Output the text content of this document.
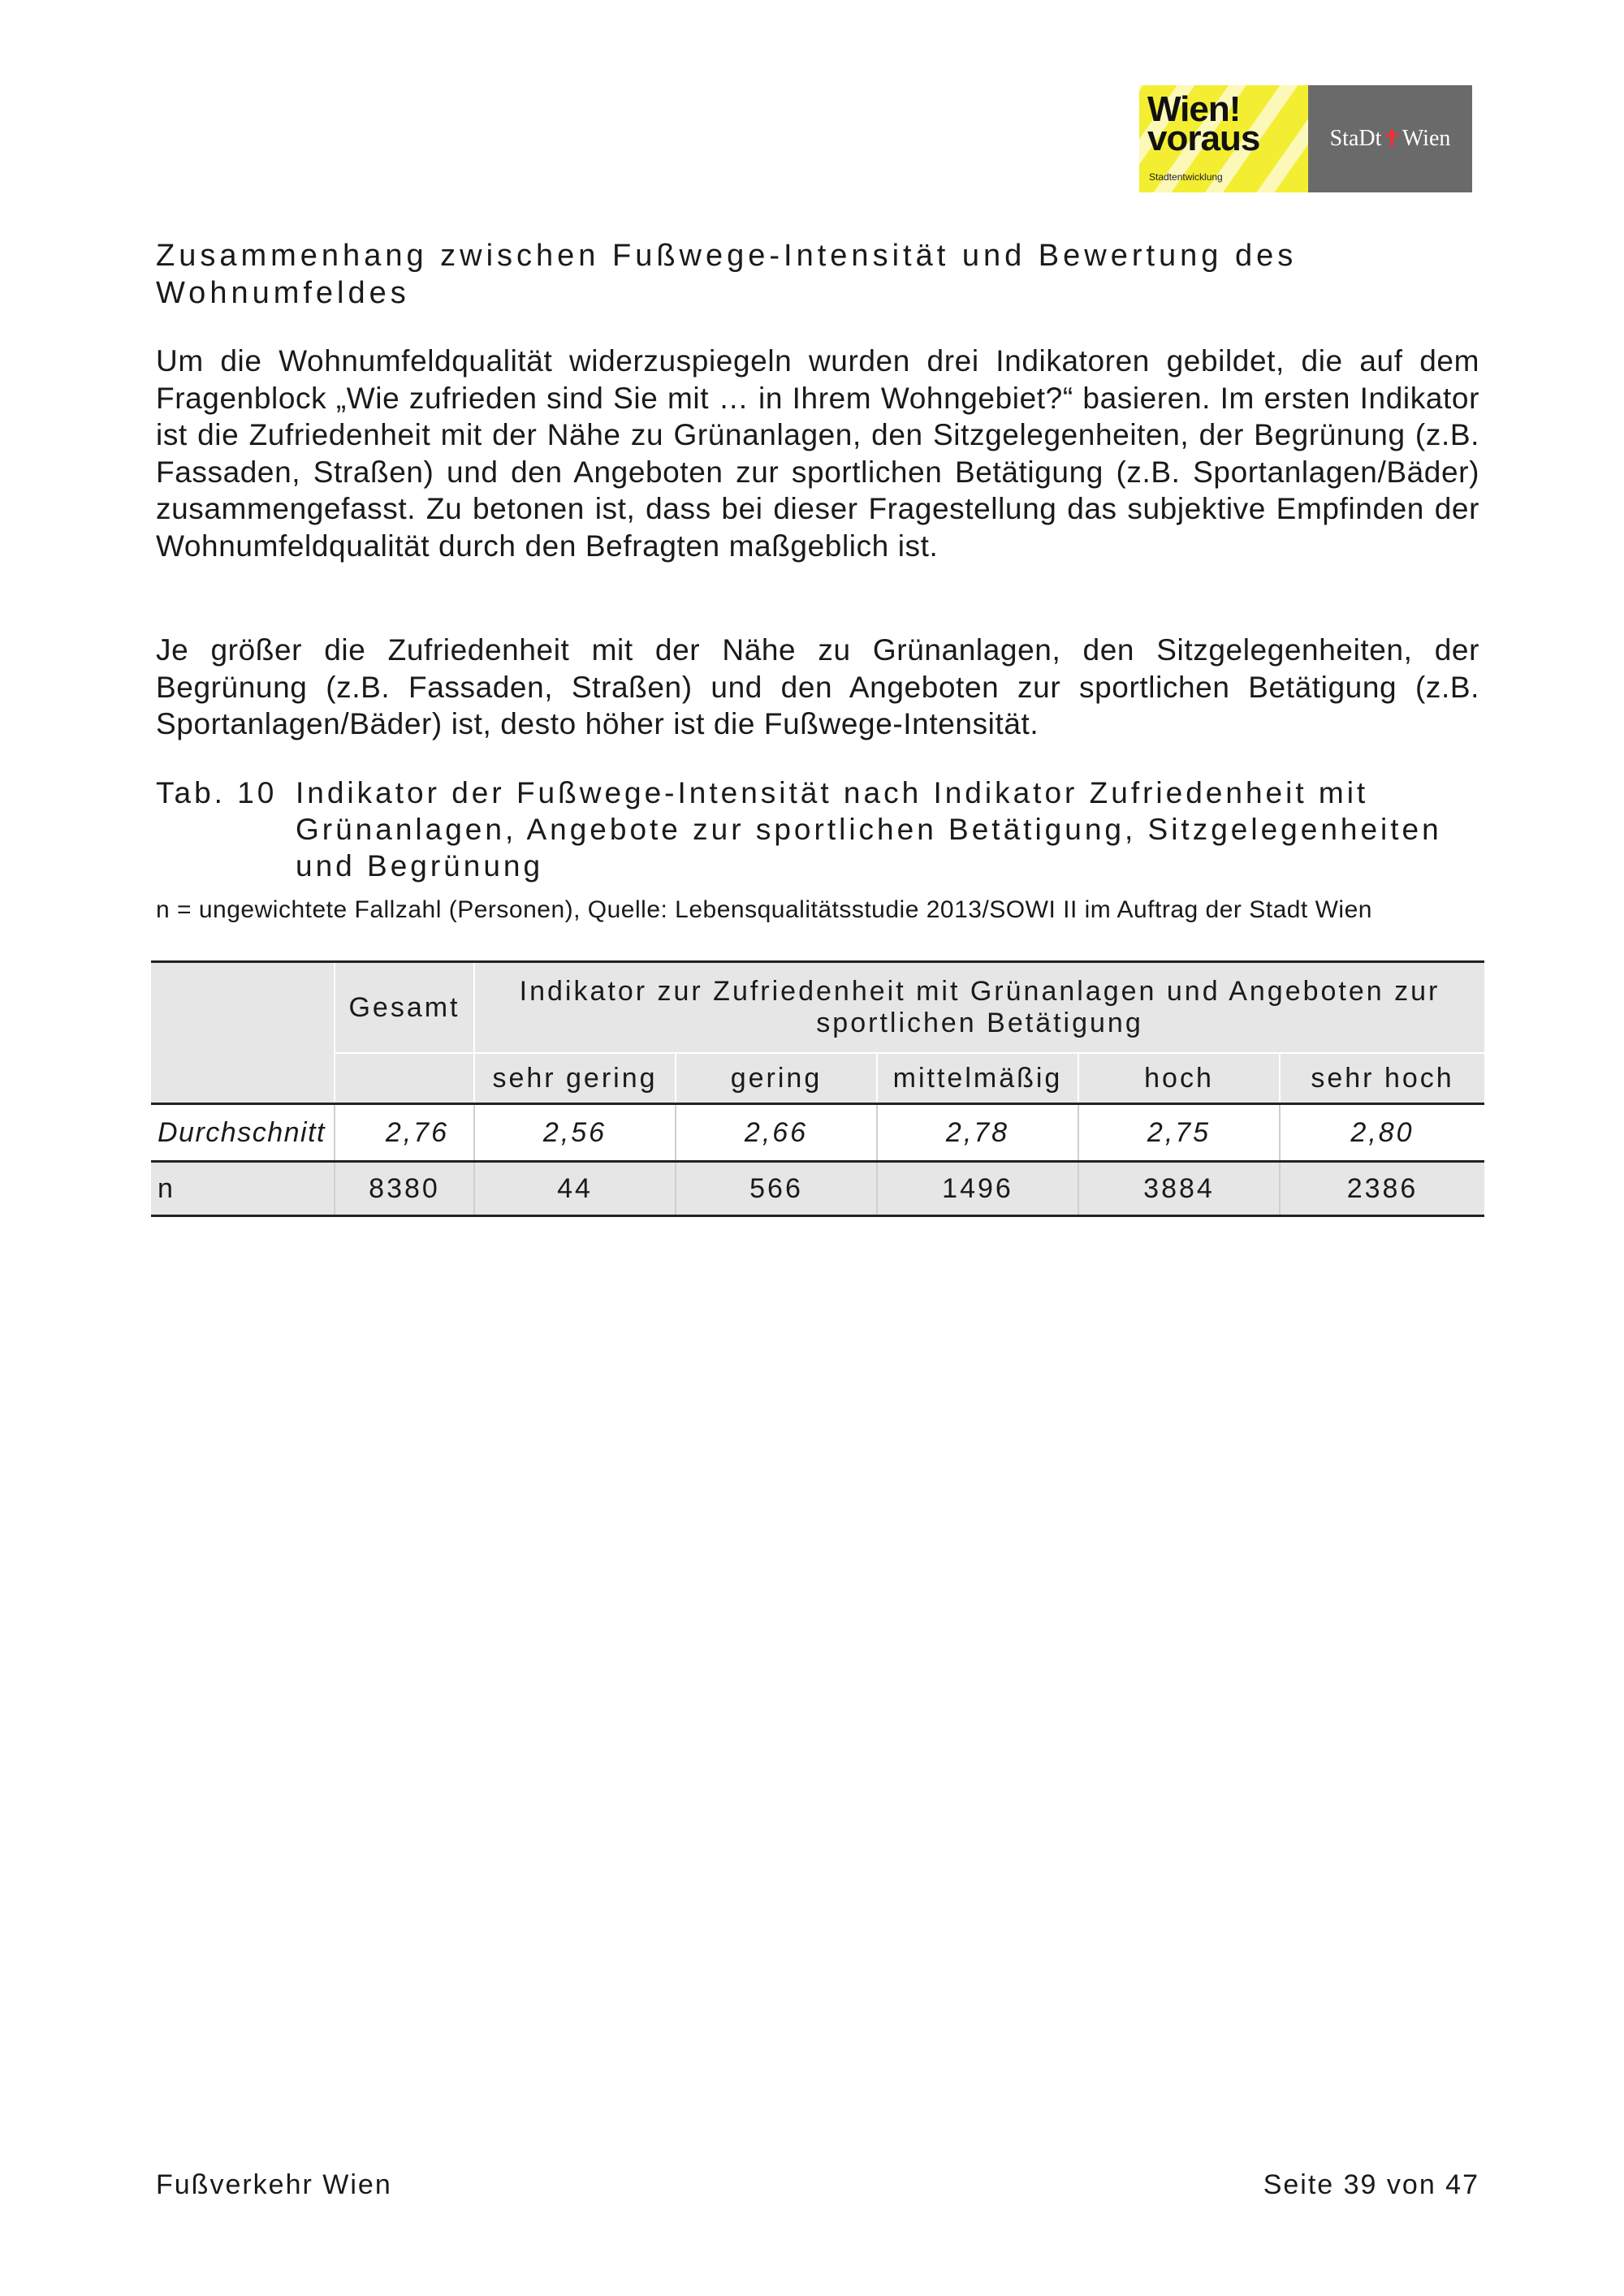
Wien!
voraus
Stadtentwicklung
StaDt ✝ Wien
Zusammenhang zwischen Fußwege-Intensität und Bewertung des Wohnumfeldes

Um die Wohnumfeldqualität widerzuspiegeln wurden drei Indikatoren gebildet, die auf dem Fragenblock „Wie zufrieden sind Sie mit … in Ihrem Wohngebiet?“ basieren. Im ersten Indikator ist die Zufriedenheit mit der Nähe zu Grünanlagen, den Sitzgelegenheiten, der Begrünung (z.B. Fassaden, Straßen) und den Angeboten zur sportlichen Betätigung (z.B. Sportanlagen/Bäder) zusammengefasst. Zu betonen ist, dass bei dieser Fragestellung das subjektive Empfinden der Wohnumfeldqualität durch den Befragten maßgeblich ist.

Je größer die Zufriedenheit mit der Nähe zu Grünanlagen, den Sitzgelegenheiten, der Begrünung (z.B. Fassaden, Straßen) und den Angeboten zur sportlichen Betätigung (z.B. Sportanlagen/Bäder) ist, desto höher ist die Fußwege-Intensität.

Tab. 10 Indikator der Fußwege-Intensität nach Indikator Zufriedenheit mit Grünanlagen, Angebote zur sportlichen Betätigung, Sitzgelegenheiten und Begrünung
n = ungewichtete Fallzahl (Personen), Quelle: Lebensqualitätsstudie 2013/SOWI II im Auftrag der Stadt Wien
	Gesamt	Indikator zur Zufriedenheit mit Grünanlagen und Angeboten zur sportlichen Betätigung				
		sehr gering	gering	mittelmäßig	hoch	sehr hoch
Durchschnitt	2,76	2,56	2,66	2,78	2,75	2,80
n	8380	44	566	1496	3884	2386
Fußverkehr Wien	Seite 39 von 47
